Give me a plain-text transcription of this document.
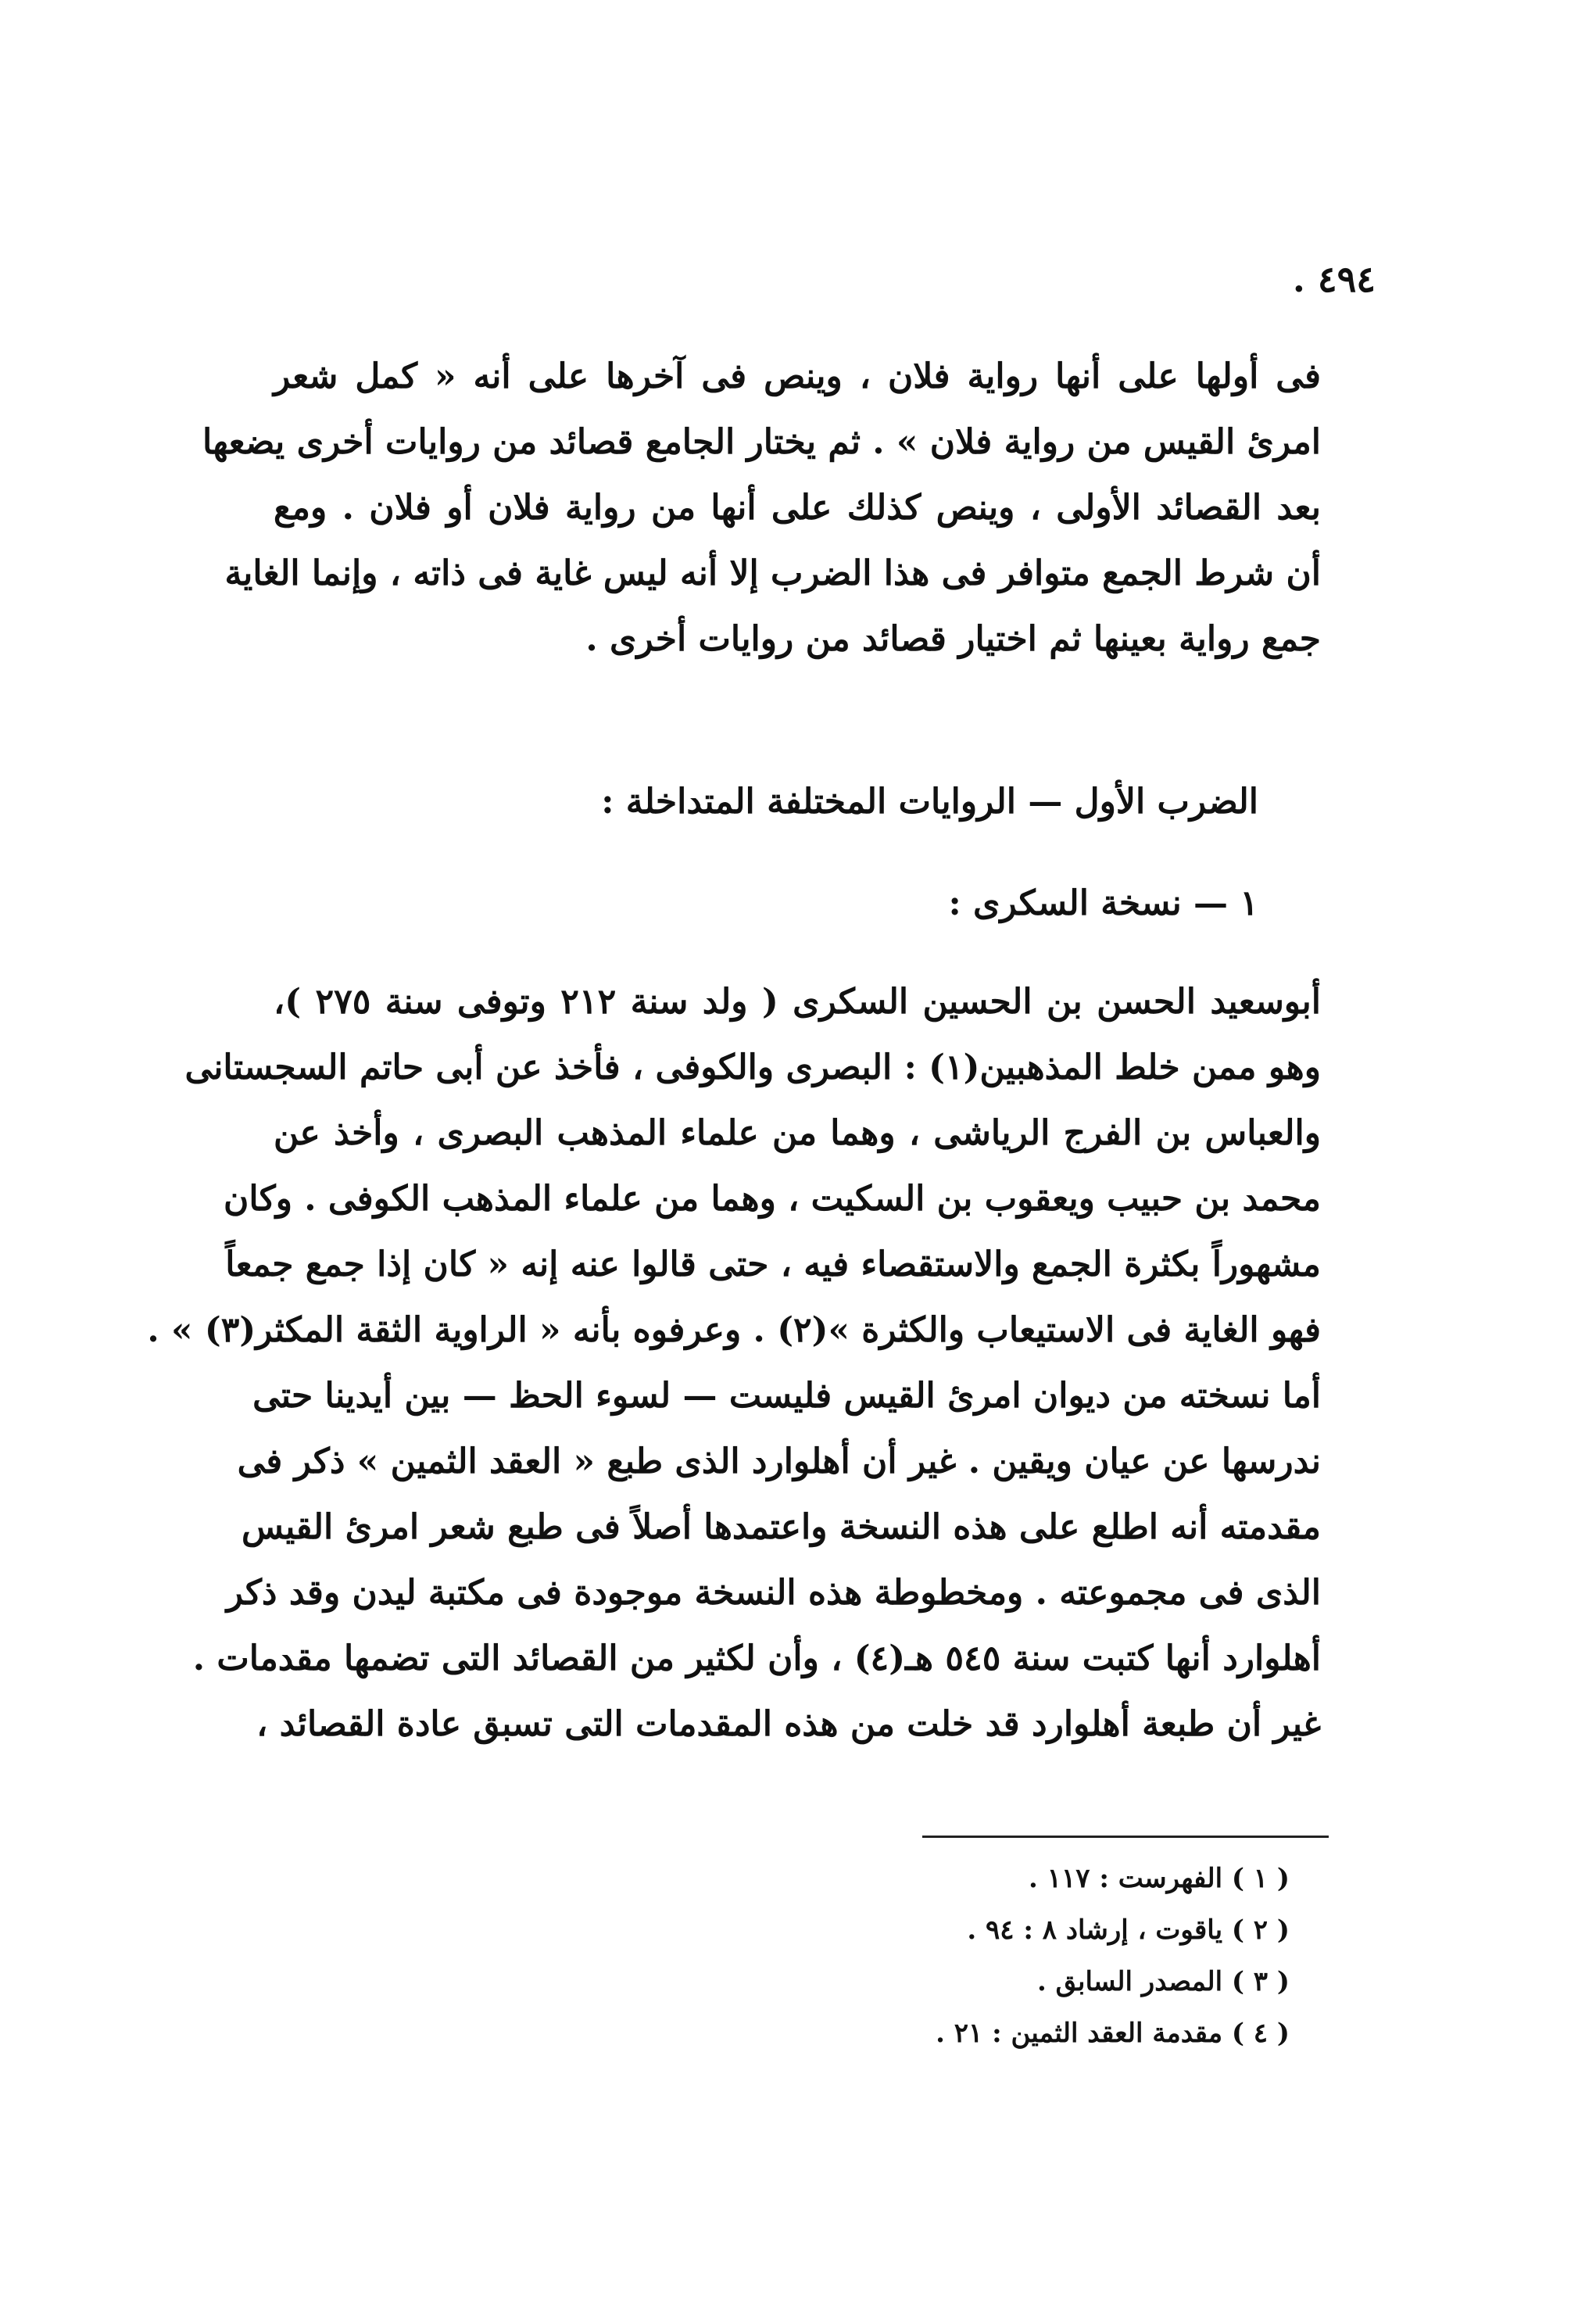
٤٩٤ .
فى أولها على أنها رواية فلان ، وينص فى آخرها على أنه « كمل شعر
امرئ القيس من رواية فلان » . ثم يختار الجامع قصائد من روايات أخرى يضعها
بعد القصائد الأولى ، وينص كذلك على أنها من رواية فلان أو فلان . ومع
أن شرط الجمع متوافر فى هذا الضرب إلا أنه ليس غاية فى ذاته ، وإنما الغاية
جمع رواية بعينها ثم اختيار قصائد من روايات أخرى .
الضرب الأول — الروايات المختلفة المتداخلة :
١ — نسخة السكرى :
أبوسعيد الحسن بن الحسين السكرى ( ولد سنة ٢١٢ وتوفى سنة ٢٧٥ )،
وهو ممن خلط المذهبين(١) : البصرى والكوفى ، فأخذ عن أبى حاتم السجستانى
والعباس بن الفرج الرياشى ، وهما من علماء المذهب البصرى ، وأخذ عن
محمد بن حبيب ويعقوب بن السكيت ، وهما من علماء المذهب الكوفى . وكان
مشهوراً بكثرة الجمع والاستقصاء فيه ، حتى قالوا عنه إنه « كان إذا جمع جمعاً
فهو الغاية فى الاستيعاب والكثرة »(٢) . وعرفوه بأنه « الراوية الثقة المكثر(٣) » .
أما نسخته من ديوان امرئ القيس فليست — لسوء الحظ — بين أيدينا حتى
ندرسها عن عيان ويقين . غير أن أهلوارد الذى طبع « العقد الثمين » ذكر فى
مقدمته أنه اطلع على هذه النسخة واعتمدها أصلاً فى طبع شعر امرئ القيس
الذى فى مجموعته . ومخطوطة هذه النسخة موجودة فى مكتبة ليدن وقد ذكر
أهلوارد أنها كتبت سنة ٥٤٥ هـ(٤) ، وأن لكثير من القصائد التى تضمها مقدمات .
غير أن طبعة أهلوارد قد خلت من هذه المقدمات التى تسبق عادة القصائد ،
( ١ ) الفهرست : ١١٧ .
( ٢ ) ياقوت ، إرشاد ٨ : ٩٤ .
( ٣ ) المصدر السابق .
( ٤ ) مقدمة العقد الثمين : ٢١ .
